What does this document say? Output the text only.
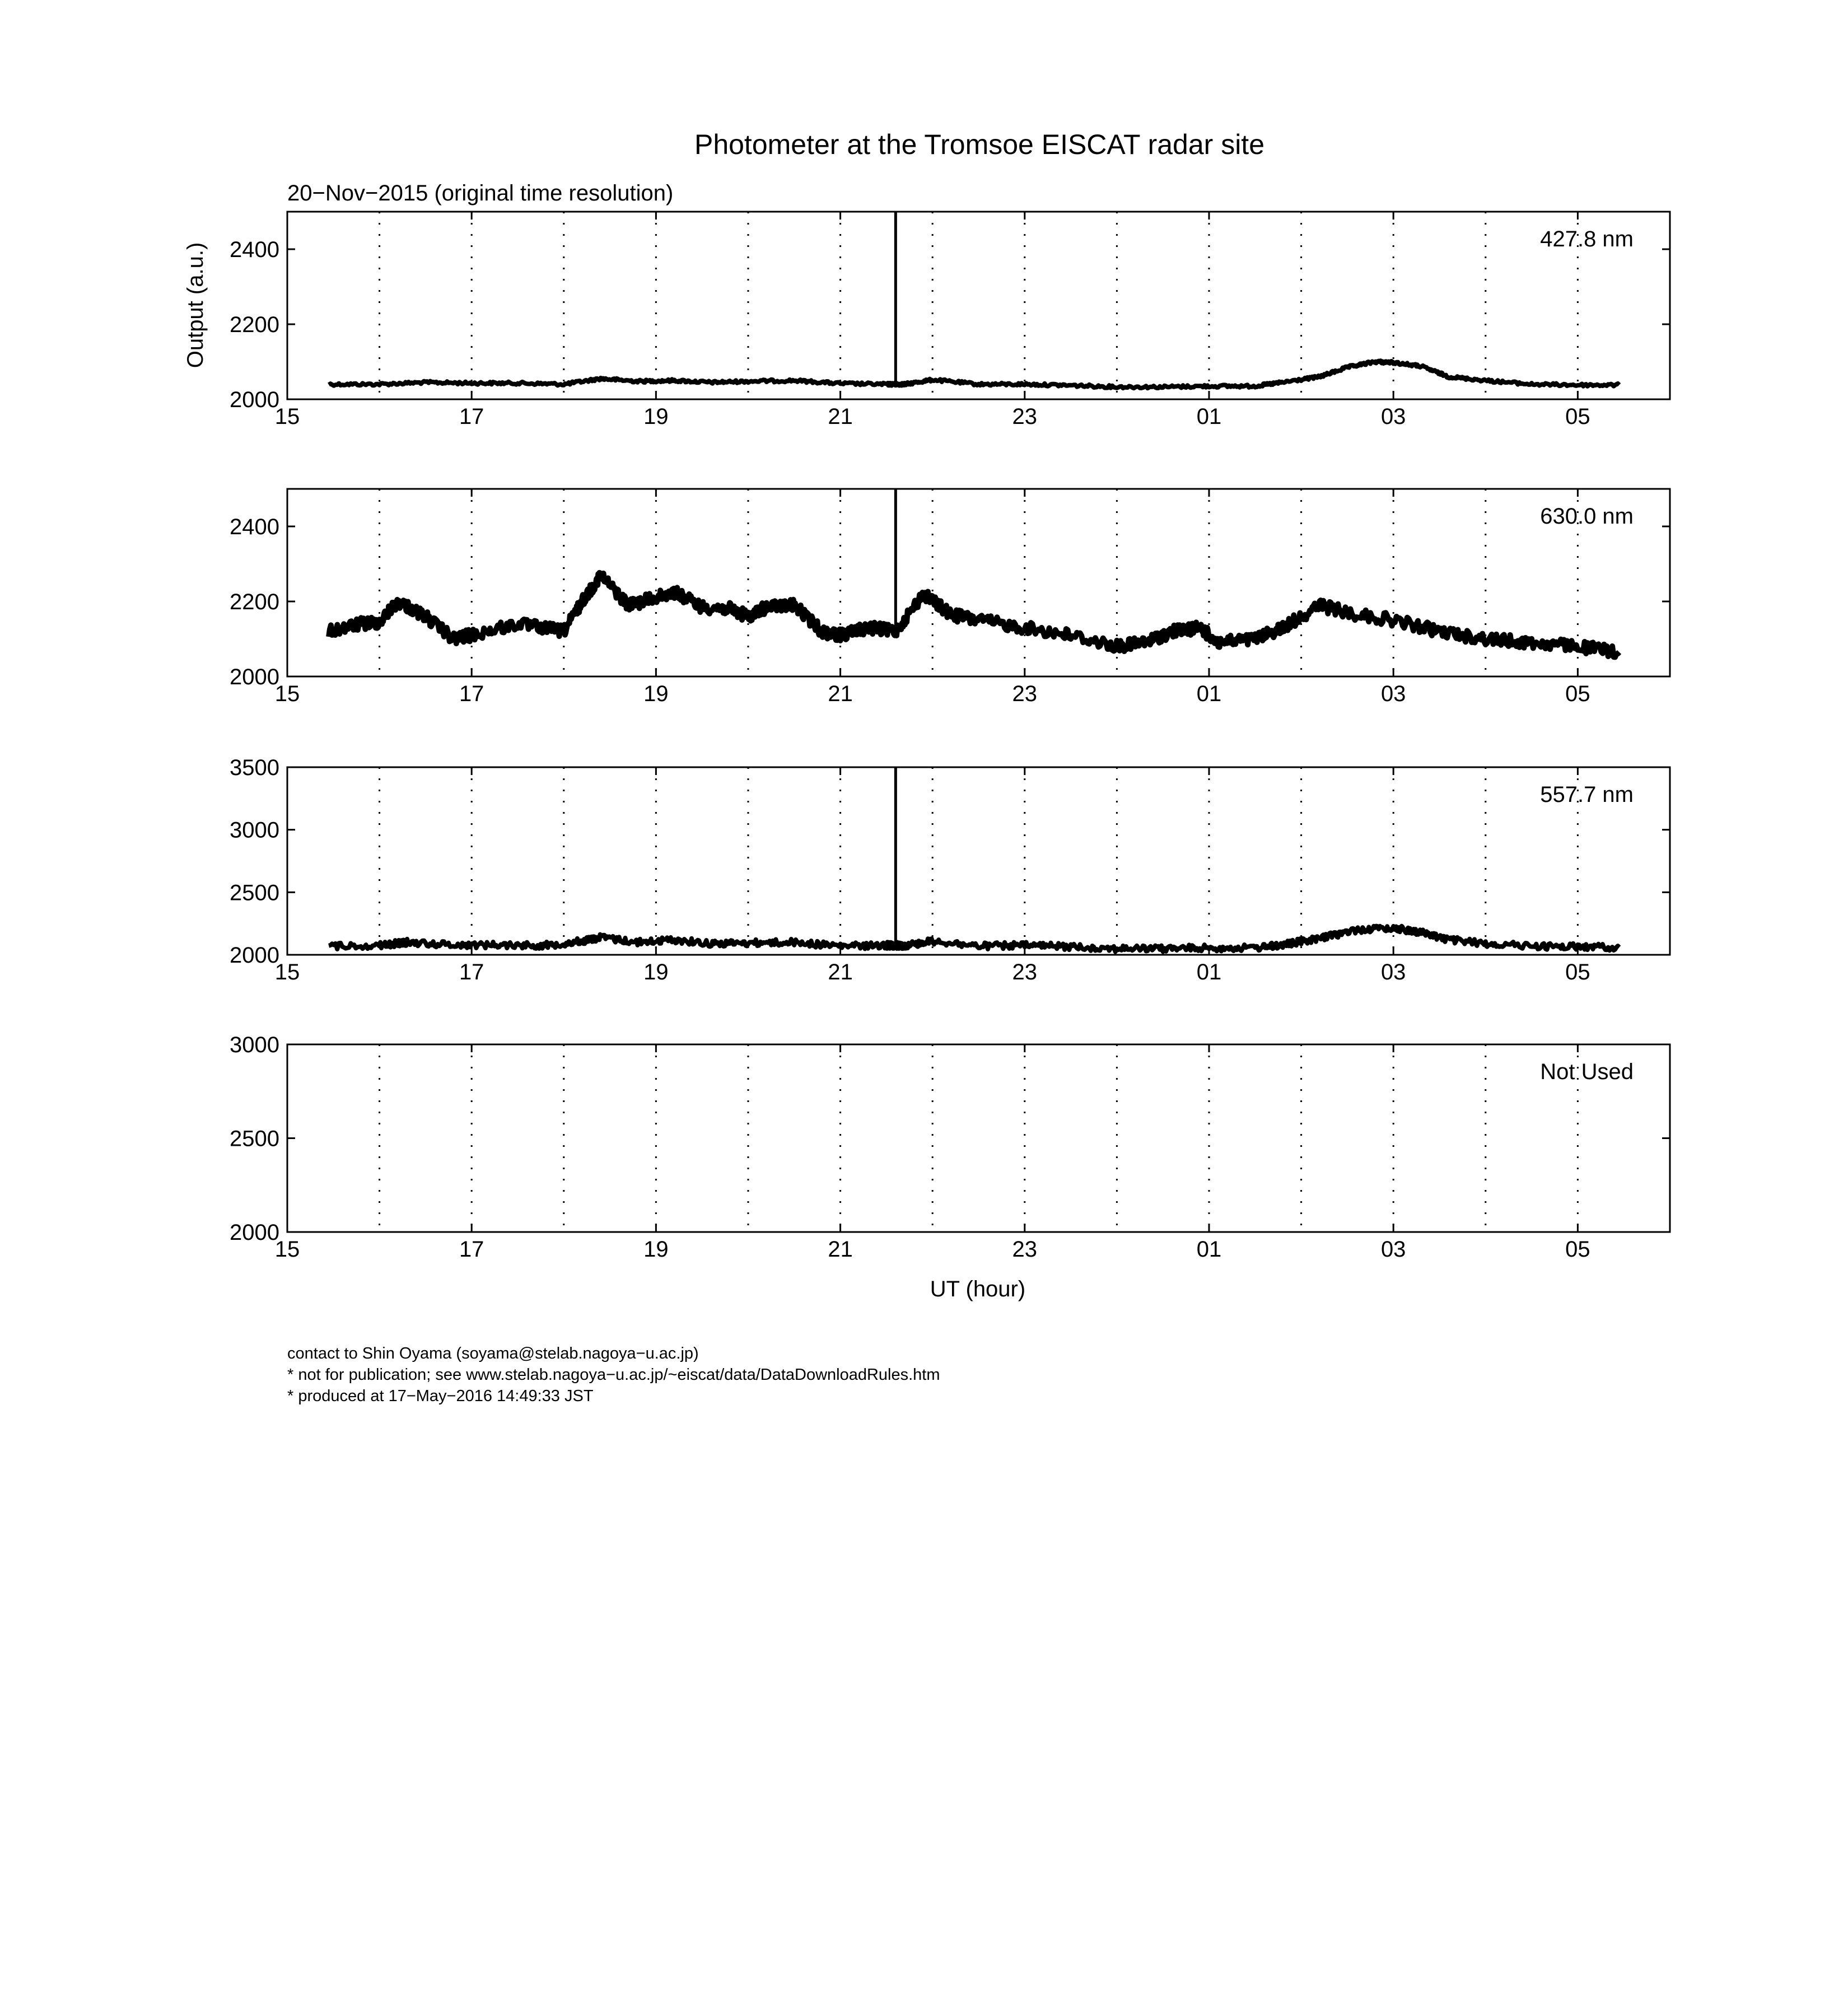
Photometer at the Tromsoe EISCAT radar site
20−Nov−2015 (original time resolution)
Output (a.u.)
UT (hour)
15	17	19	21	23	01	03	05
2000
2200
2400	427.8 nm
15	17	19	21	23	01	03	05
2000
2200
2400	630.0 nm
15	17	19	21	23	01	03	05
2000
2500
3000
3500
557.7 nm
15	17	19	21	23	01	03	05
2000
2500
3000
Not Used
contact to Shin Oyama (soyama@stelab.nagoya−u.ac.jp)
* not for publication; see www.stelab.nagoya−u.ac.jp/~eiscat/data/DataDownloadRules.htm
* produced at 17−May−2016 14:49:33 JST
